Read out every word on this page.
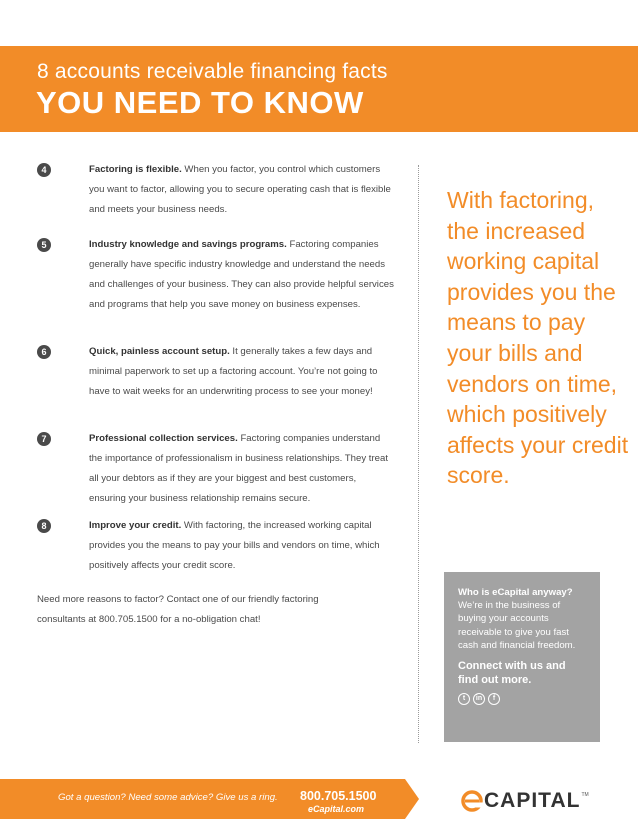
8 accounts receivable financing facts
YOU NEED TO KNOW
4	Factoring is flexible. When you factor, you control which customers you want to factor, allowing you to secure operating cash that is flexible and meets your business needs.
5	Industry knowledge and savings programs. Factoring companies generally have specific industry knowledge and understand the needs and challenges of your business. They can also provide helpful services and programs that help you save money on business expenses.
6	Quick, painless account setup. It generally takes a few days and minimal paperwork to set up a factoring account. You’re not going to have to wait weeks for an underwriting process to see your money!
7	Professional collection services. Factoring companies understand the importance of professionalism in business relationships. They treat all your debtors as if they are your biggest and best customers, ensuring your business relationship remains secure.
8	Improve your credit. With factoring, the increased working capital provides you the means to pay your bills and vendors on time, which positively affects your credit score.
Need more reasons to factor? Contact one of our friendly factoring consultants at 800.705.1500 for a no-obligation chat!
With factoring, the increased working capital provides you the means to pay your bills and vendors on time, which positively affects your credit score.
Who is eCapital anyway? We’re in the business of buying your accounts receivable to give you fast cash and financial freedom.
Connect with us and find out more.
t	in	f
Got a question? Need some advice? Give us a ring. 800.705.1500
eCapital.com	CAPITAL TM
